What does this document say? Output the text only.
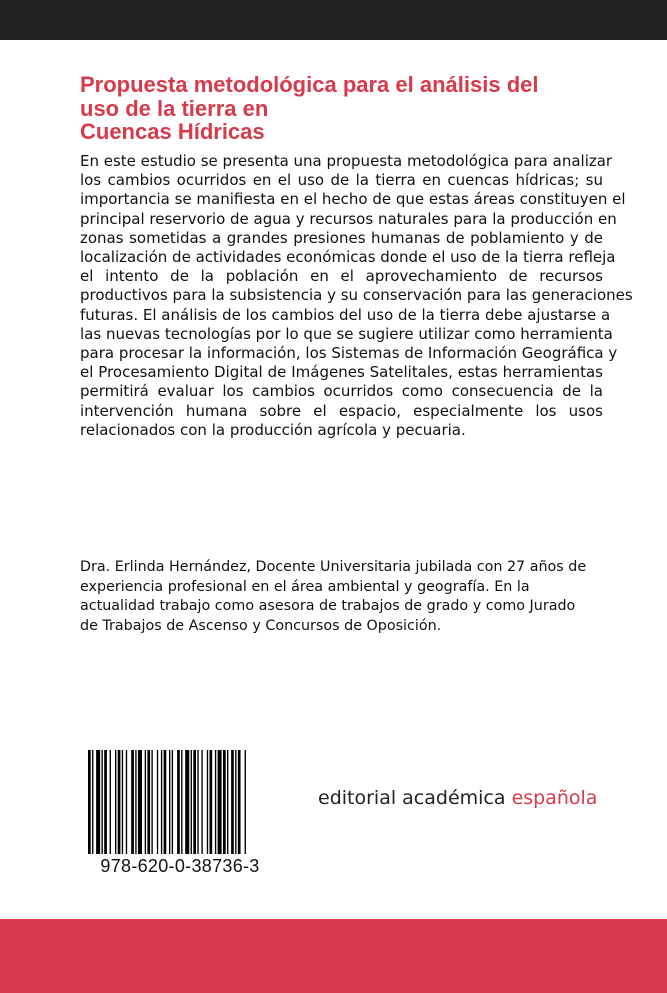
Propuesta metodológica para el análisis del
uso de la tierra en
Cuencas Hídricas
En este estudio se presenta una propuesta metodológica para analizar
los cambios ocurridos en el uso de la tierra en cuencas hídricas; su
importancia se manifiesta en el hecho de que estas áreas constituyen el
principal reservorio de agua y recursos naturales para la producción en
zonas sometidas a grandes presiones humanas de poblamiento y de
localización de actividades económicas donde el uso de la tierra refleja
el intento de la población en el aprovechamiento de recursos
productivos para la subsistencia y su conservación para las generaciones
futuras. El análisis de los cambios del uso de la tierra debe ajustarse a
las nuevas tecnologías por lo que se sugiere utilizar como herramienta
para procesar la información, los Sistemas de Información Geográfica y
el Procesamiento Digital de Imágenes Satelitales, estas herramientas
permitirá evaluar los cambios ocurridos como consecuencia de la
intervención humana sobre el espacio, especialmente los usos
relacionados con la producción agrícola y pecuaria.
Dra. Erlinda Hernández, Docente Universitaria jubilada con 27 años de
experiencia profesional en el área ambiental y geografía. En la
actualidad trabajo como asesora de trabajos de grado y como Jurado
de Trabajos de Ascenso y Concursos de Oposición.
978-620-0-38736-3
editorial académica española
